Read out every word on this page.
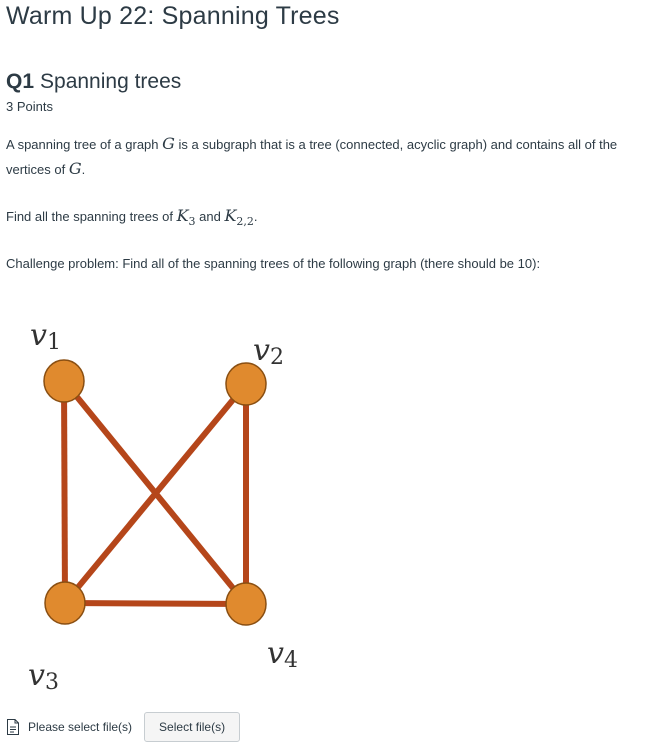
Warm Up 22: Spanning Trees
Q1 Spanning trees
3 Points
A spanning tree of a graph G is a subgraph that is a tree (connected, acyclic graph) and contains all of the vertices of G.
Find all the spanning trees of $K_3$ and $K_{2,2}$.
Challenge problem: Find all of the spanning trees of the following graph (there should be 10):
v1	v2
v3
v4
Please select file(s)	Select file(s)
